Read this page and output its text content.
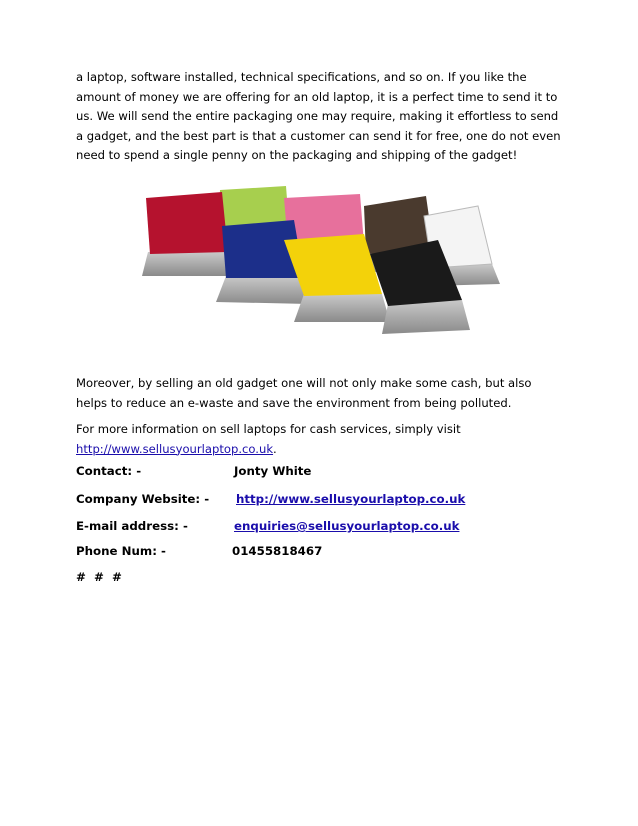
a laptop, software installed, technical specifications, and so on. If you like the
amount of money we are offering for an old laptop, it is a perfect time to send it to
us. We will send the entire packaging one may require, making it effortless to send
a gadget, and the best part is that a customer can send it for free, one do not even
need to spend a single penny on the packaging and shipping of the gadget!
Moreover, by selling an old gadget one will not only make some cash, but also
helps to reduce an e-waste and save the environment from being polluted.
For more information on sell laptops for cash services, simply visit
http://www.sellusyourlaptop.co.uk.
Contact: -	Jonty White
Company Website: - http://www.sellusyourlaptop.co.uk
E-mail address: -	enquiries@sellusyourlaptop.co.uk
Phone Num: -	01455818467
# # #
